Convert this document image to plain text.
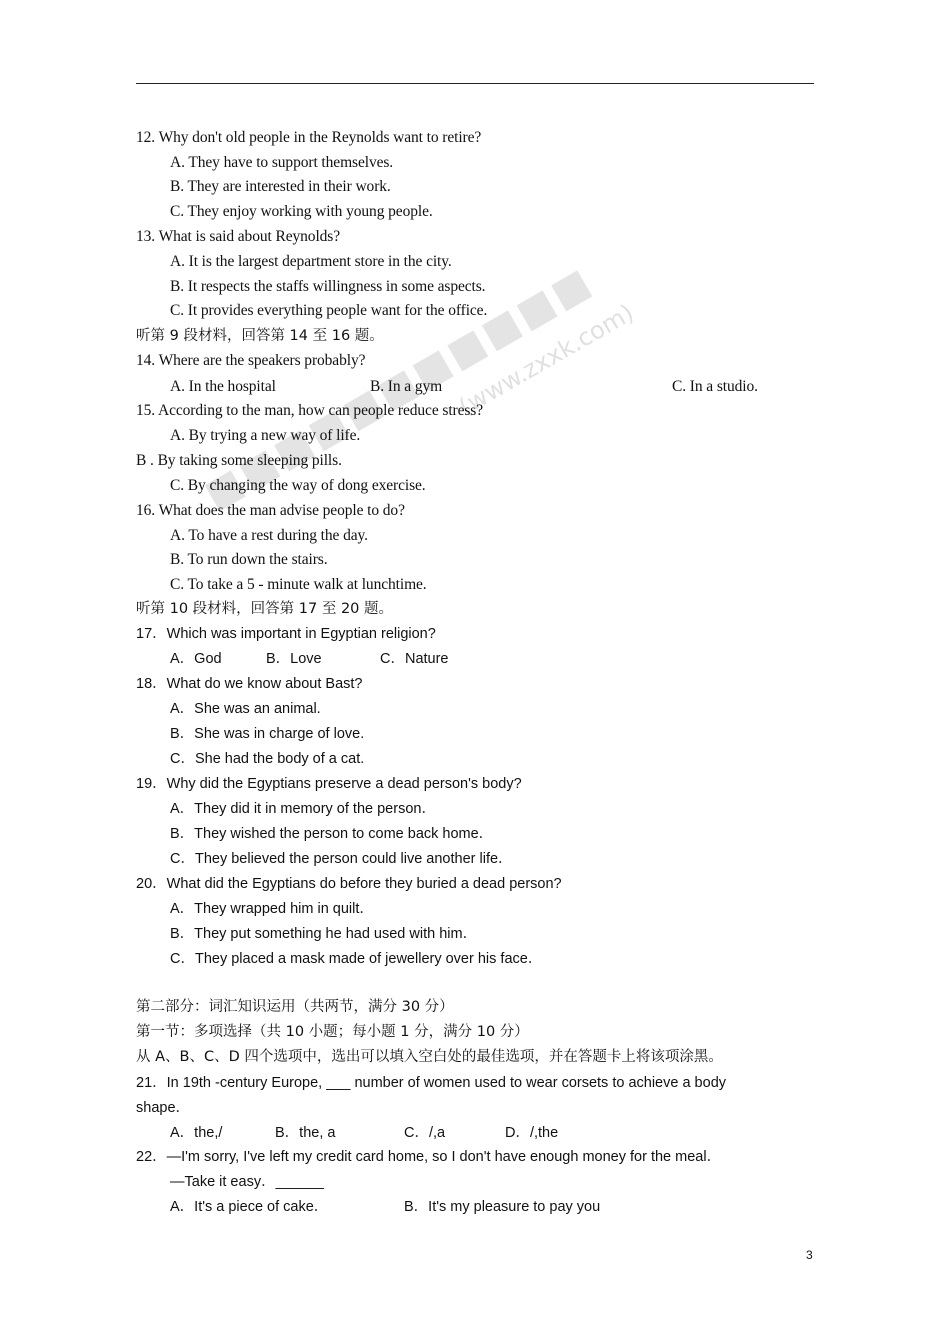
(www.zxxk.com)
12. Why don't old people in the Reynolds want to retire?
A. They have to support themselves.
B. They are interested in their work.
C. They enjoy working with young people.
13. What is said about Reynolds?
A. It is the largest department store in the city.
B. It respects the staffs willingness in some aspects.
C. It provides everything people want for the office.
听第 9 段材料，回答第 14 至 16 题。
14. Where are the speakers probably?
A. In the hospital	B. In a gym	C. In a studio.
15. According to the man, how can people reduce stress?
A. By trying a new way of life.
B . By taking some sleeping pills.
C. By changing the way of dong exercise.
16. What does the man advise people to do?
A. To have a rest during the day.
B. To run down the stairs.
C. To take a 5 - minute walk at lunchtime.
听第 10 段材料，回答第 17 至 20 题。
17．Which was important in Egyptian religion?
A．God	B．Love	C．Nature
18．What do we know about Bast?
A．She was an animal.
B．She was in charge of love.
C．She had the body of a cat.
19．Why did the Egyptians preserve a dead person's body?
A．They did it in memory of the person．
B．They wished the person to come back home．
C．They believed the person could live another life．
20．What did the Egyptians do before they buried a dead person?
A．They wrapped him in quilt．
B．They put something he had used with him．
C．They placed a mask made of jewellery over his face．
第二部分：词汇知识运用（共两节，满分 30 分）
第一节：多项选择（共 10 小题；每小题 1 分，满分 10 分）
从 A、B、C、D 四个选项中，选出可以填入空白处的最佳选项，并在答题卡上将该项涂黑。
21．In 19th -century Europe, ___ number of women used to wear corsets to achieve a body
shape．
A．the,/	B．the, a	C．/,a	D．/,the
22．—I'm sorry, I've left my credit card home, so I don't have enough money for the meal．
—Take it easy．______
A．It's a piece of cake．	B．It's my pleasure to pay you
3
